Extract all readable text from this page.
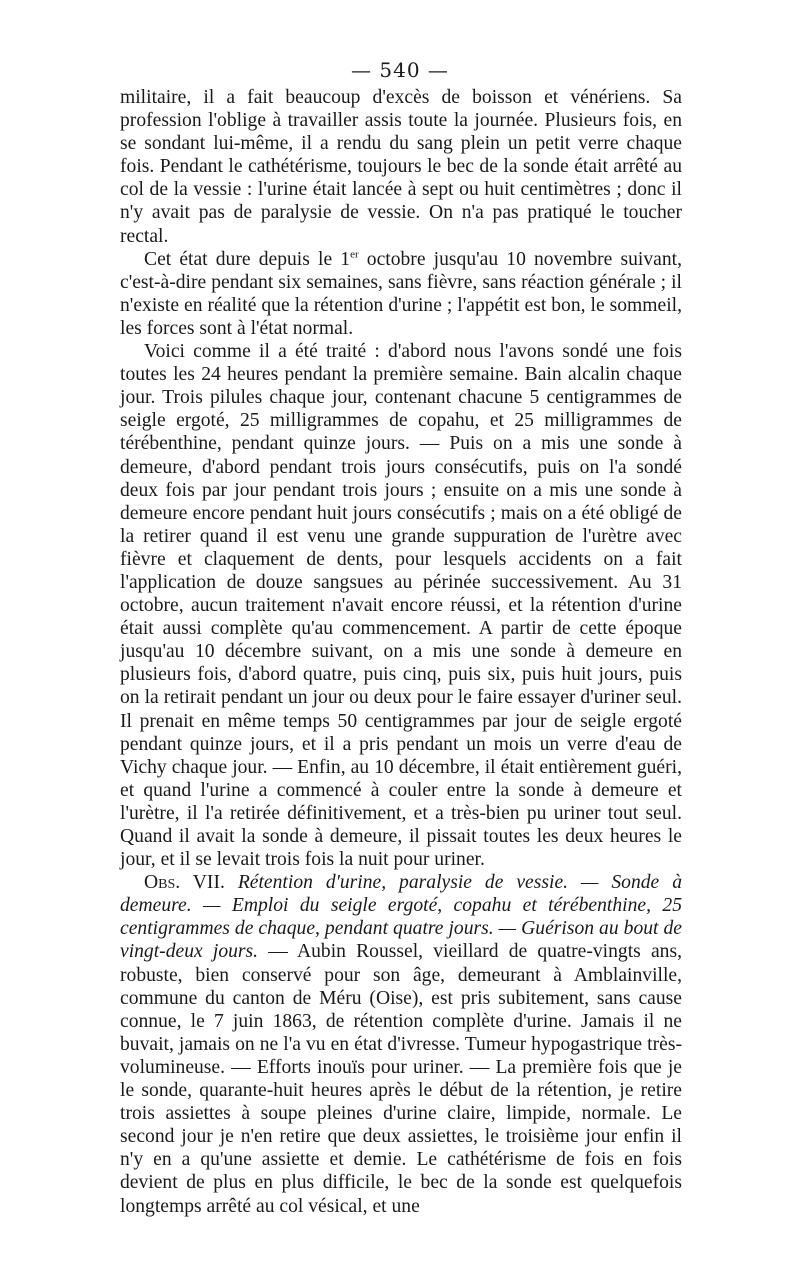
— 540 —

militaire, il a fait beaucoup d'excès de boisson et vénériens. Sa profession l'oblige à travailler assis toute la journée. Plusieurs fois, en se sondant lui-même, il a rendu du sang plein un petit verre chaque fois. Pendant le cathétérisme, toujours le bec de la sonde était arrêté au col de la vessie : l'urine était lancée à sept ou huit centimètres ; donc il n'y avait pas de paralysie de vessie. On n'a pas pratiqué le toucher rectal.

Cet état dure depuis le 1er octobre jusqu'au 10 novembre suivant, c'est-à-dire pendant six semaines, sans fièvre, sans réaction générale ; il n'existe en réalité que la rétention d'urine ; l'appétit est bon, le sommeil, les forces sont à l'état normal.

Voici comme il a été traité : d'abord nous l'avons sondé une fois toutes les 24 heures pendant la première semaine. Bain alcalin chaque jour. Trois pilules chaque jour, contenant chacune 5 centigrammes de seigle ergoté, 25 milligrammes de copahu, et 25 milligrammes de térébenthine, pendant quinze jours. — Puis on a mis une sonde à demeure, d'abord pendant trois jours consécutifs, puis on l'a sondé deux fois par jour pendant trois jours ; ensuite on a mis une sonde à demeure encore pendant huit jours consécutifs ; mais on a été obligé de la retirer quand il est venu une grande suppuration de l'urètre avec fièvre et claquement de dents, pour lesquels accidents on a fait l'application de douze sangsues au périnée successivement. Au 31 octobre, aucun traitement n'avait encore réussi, et la rétention d'urine était aussi complète qu'au commencement. A partir de cette époque jusqu'au 10 décembre suivant, on a mis une sonde à demeure en plusieurs fois, d'abord quatre, puis cinq, puis six, puis huit jours, puis on la retirait pendant un jour ou deux pour le faire essayer d'uriner seul. Il prenait en même temps 50 centigrammes par jour de seigle ergoté pendant quinze jours, et il a pris pendant un mois un verre d'eau de Vichy chaque jour. — Enfin, au 10 décembre, il était entièrement guéri, et quand l'urine a commencé à couler entre la sonde à demeure et l'urètre, il l'a retirée définitivement, et a très-bien pu uriner tout seul. Quand il avait la sonde à demeure, il pissait toutes les deux heures le jour, et il se levait trois fois la nuit pour uriner.

Obs. VII. Rétention d'urine, paralysie de vessie. — Sonde à demeure. — Emploi du seigle ergoté, copahu et térébenthine, 25 centigrammes de chaque, pendant quatre jours. — Guérison au bout de vingt-deux jours. — Aubin Roussel, vieillard de quatre-vingts ans, robuste, bien conservé pour son âge, demeurant à Amblainville, commune du canton de Méru (Oise), est pris subitement, sans cause connue, le 7 juin 1863, de rétention complète d'urine. Jamais il ne buvait, jamais on ne l'a vu en état d'ivresse. Tumeur hypogastrique très-volumineuse. — Efforts inouïs pour uriner. — La première fois que je le sonde, quarante-huit heures après le début de la rétention, je retire trois assiettes à soupe pleines d'urine claire, limpide, normale. Le second jour je n'en retire que deux assiettes, le troisième jour enfin il n'y en a qu'une assiette et demie. Le cathétérisme de fois en fois devient de plus en plus difficile, le bec de la sonde est quelquefois longtemps arrêté au col vésical, et une
